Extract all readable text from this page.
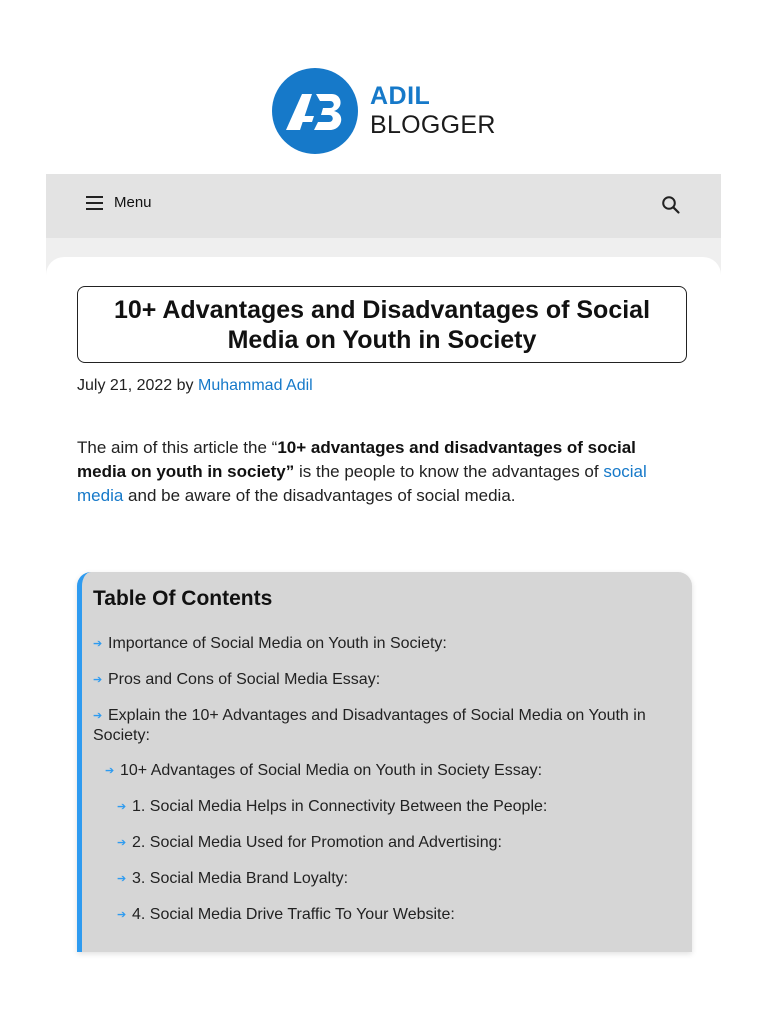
ADIL
BLOGGER
Menu
10+ Advantages and Disadvantages of Social Media on Youth in Society
July 21, 2022 by Muhammad Adil

The aim of this article the “10+ advantages and disadvantages of social media on youth in society” is the people to know the advantages of social media and be aware of the disadvantages of social media.

Table Of Contents
➔ Importance of Social Media on Youth in Society:
➔ Pros and Cons of Social Media Essay:
➔ Explain the 10+ Advantages and Disadvantages of Social Media on Youth in Society:
➔ 10+ Advantages of Social Media on Youth in Society Essay:
➔ 1. Social Media Helps in Connectivity Between the People:
➔ 2. Social Media Used for Promotion and Advertising:
➔ 3. Social Media Brand Loyalty:
➔ 4. Social Media Drive Traffic To Your Website:
